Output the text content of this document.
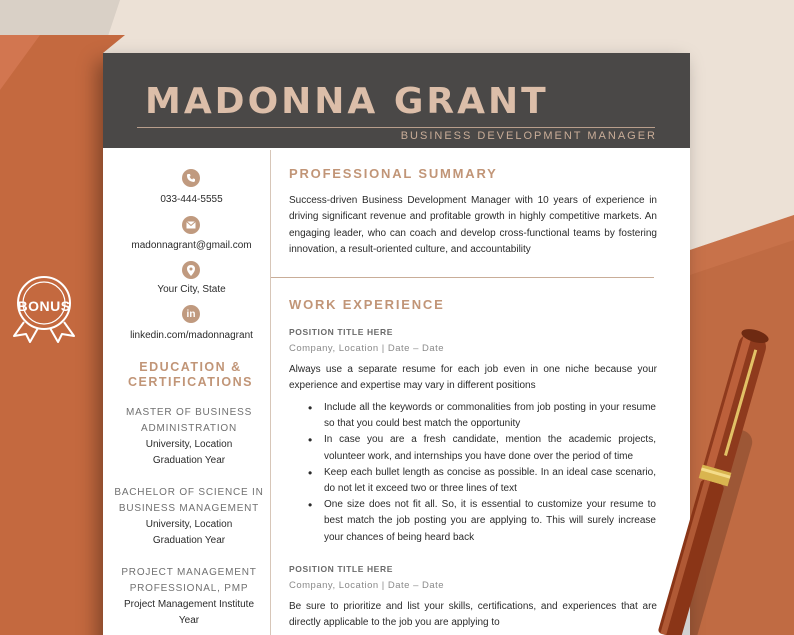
BONUS
MADONNA GRANT
BUSINESS DEVELOPMENT MANAGER
033-444-5555
madonnagrant@gmail.com
Your City, State
in
linkedin.com/madonnagrant
EDUCATION &
CERTIFICATIONS
MASTER OF BUSINESS
ADMINISTRATION
University, Location
Graduation Year
BACHELOR OF SCIENCE IN
BUSINESS MANAGEMENT
University, Location
Graduation Year
PROJECT MANAGEMENT
PROFESSIONAL, PMP
Project Management Institute
Year
PROFESSIONAL SUMMARY
Success-driven Business Development Manager with 10 years of experience in driving significant revenue and profitable growth in highly competitive markets. An engaging leader, who can coach and develop cross-functional teams by fostering innovation, a result-oriented culture, and accountability
WORK EXPERIENCE
POSITION TITLE HERE
Company, Location | Date – Date
Always use a separate resume for each job even in one niche because your experience and expertise may vary in different positions
• Include all the keywords or commonalities from job posting in your resume so that you could best match the opportunity
• In case you are a fresh candidate, mention the academic projects, volunteer work, and internships you have done over the period of time
• Keep each bullet length as concise as possible. In an ideal case scenario, do not let it exceed two or three lines of text
• One size does not fit all. So, it is essential to customize your resume to best match the job posting you are applying to. This will surely increase your chances of being heard back
POSITION TITLE HERE
Company, Location | Date – Date
Be sure to prioritize and list your skills, certifications, and experiences that are directly applicable to the job you are applying to
